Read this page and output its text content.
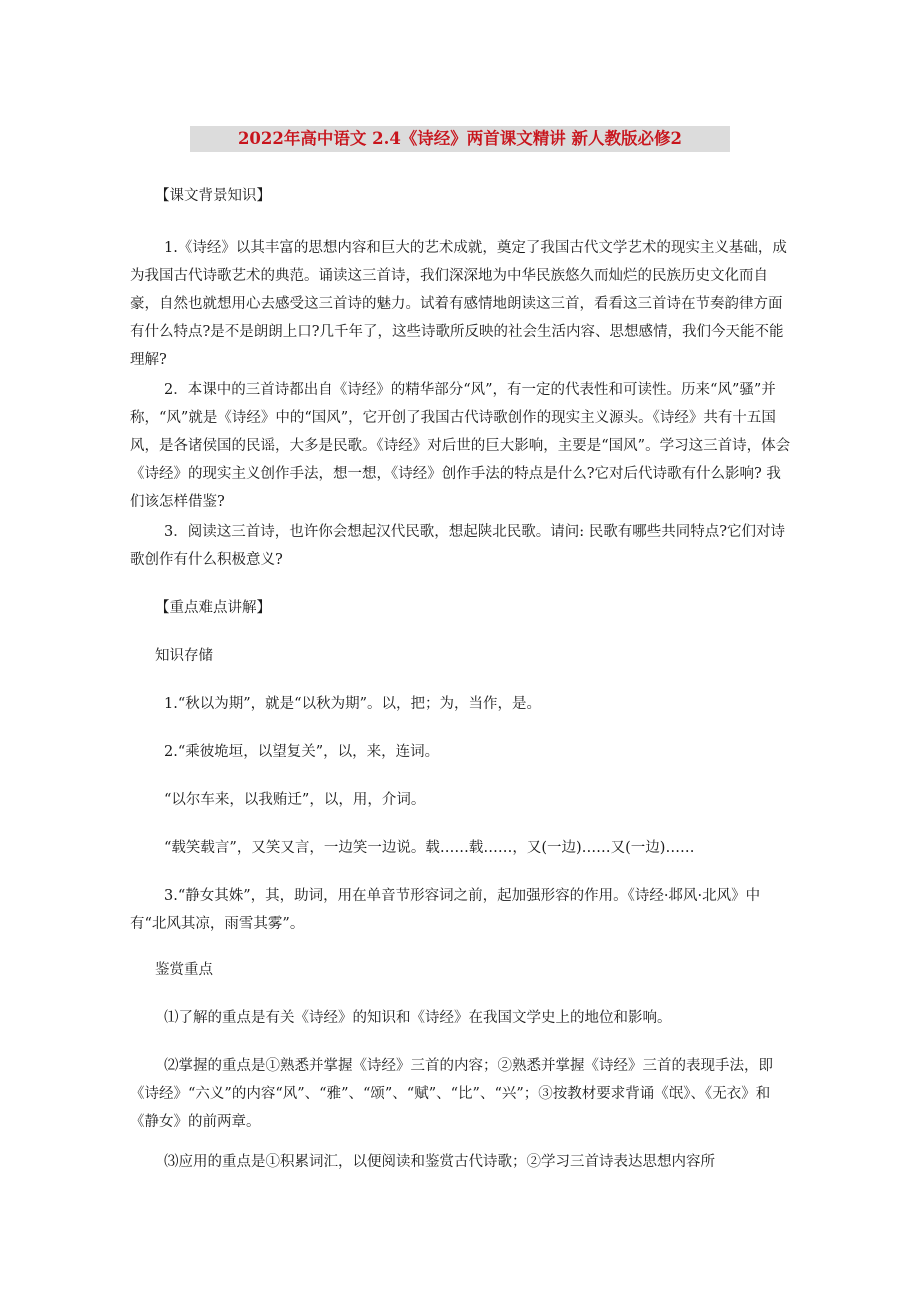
2022年高中语文 2.4《诗经》两首课文精讲 新人教版必修2

【课文背景知识】

1.《诗经》以其丰富的思想内容和巨大的艺术成就，奠定了我国古代文学艺术的现实主义基础，成为我国古代诗歌艺术的典范。诵读这三首诗，我们深深地为中华民族悠久而灿烂的民族历史文化而自豪，自然也就想用心去感受这三首诗的魅力。试着有感情地朗读这三首，看看这三首诗在节奏韵律方面有什么特点?是不是朗朗上口?几千年了，这些诗歌所反映的社会生活内容、思想感情，我们今天能不能理解?

2．本课中的三首诗都出自《诗经》的精华部分“风”，有一定的代表性和可读性。历来“风”骚”并称，“风”就是《诗经》中的“国风”，它开创了我国古代诗歌创作的现实主义源头。《诗经》共有十五国风，是各诸侯国的民谣，大多是民歌。《诗经》对后世的巨大影响，主要是“国风”。学习这三首诗，体会《诗经》的现实主义创作手法，想一想，《诗经》创作手法的特点是什么?它对后代诗歌有什么影响? 我们该怎样借鉴?

3．阅读这三首诗，也许你会想起汉代民歌，想起陕北民歌。请问: 民歌有哪些共同特点?它们对诗歌创作有什么积极意义?

【重点难点讲解】

知识存储

1.“秋以为期”，就是“以秋为期”。以，把；为，当作，是。

2.“乘彼垝垣，以望复关”，以，来，连词。

“以尔车来，以我贿迁”，以，用，介词。

“载笑载言”，又笑又言，一边笑一边说。载……载……，又(一边)……又(一边)……

3.“静女其姝”，其，助词，用在单音节形容词之前，起加强形容的作用。《诗经·邶风·北风》中有“北风其凉，雨雪其雾”。

鉴赏重点

⑴了解的重点是有关《诗经》的知识和《诗经》在我国文学史上的地位和影响。

⑵掌握的重点是①熟悉并掌握《诗经》三首的内容；②熟悉并掌握《诗经》三首的表现手法，即《诗经》“六义”的内容“风”、“雅”、“颂”、“赋”、“比”、“兴”；③按教材要求背诵《氓》、《无衣》和《静女》的前两章。

⑶应用的重点是①积累词汇，以便阅读和鉴赏古代诗歌；②学习三首诗表达思想内容所
